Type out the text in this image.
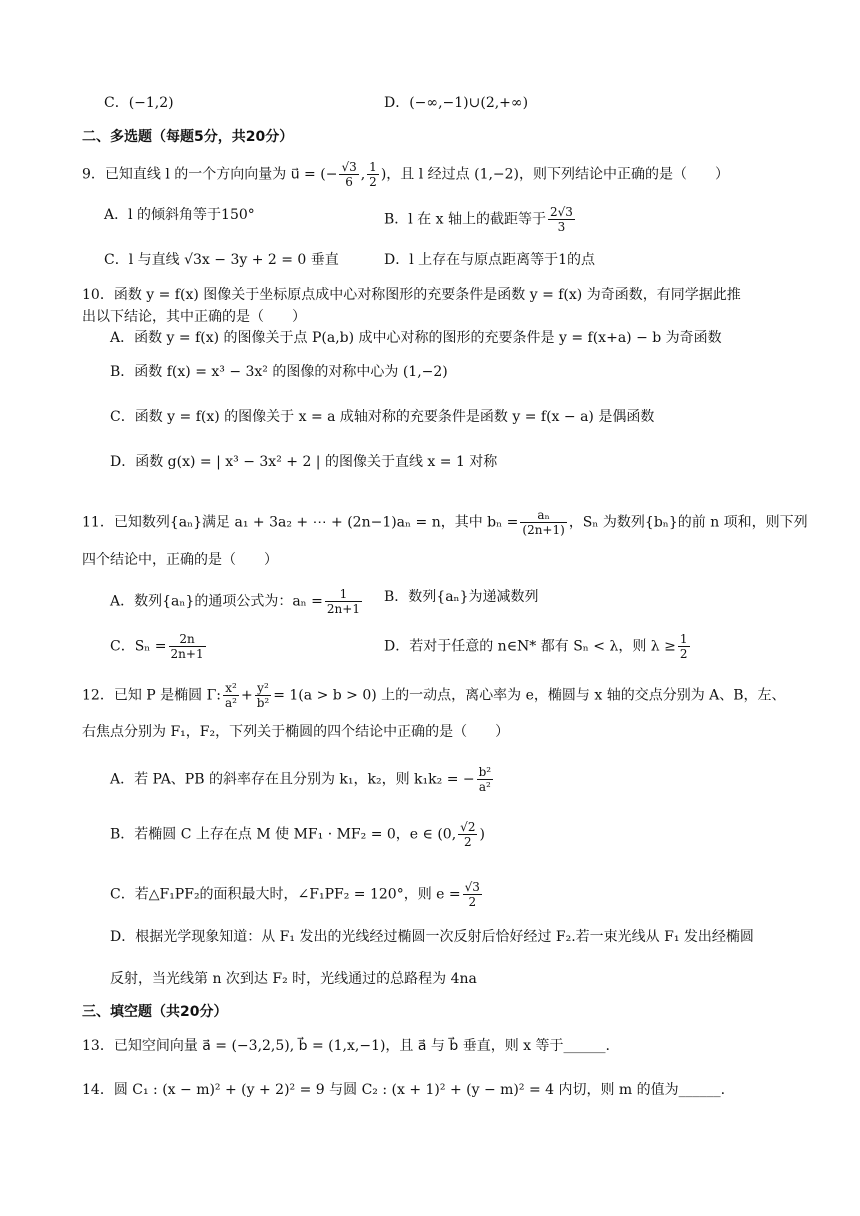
C．(−1,2)	D．(−∞,−1)∪(2,+∞)
二、多选题（每题5分，共20分）
9．已知直线 l 的一个方向向量为 u⃗ = (− $\frac{√3}{6}$ , $\frac{1}{2}$ )，且 l 经过点 (1,−2)，则下列结论中正确的是（　　）
A．l 的倾斜角等于150°	B．l 在 x 轴上的截距等于 $\frac{2√3}{3}$
C．l 与直线 √3x − 3y + 2 = 0 垂直	D．l 上存在与原点距离等于1的点
10．函数 y = f(x) 图像关于坐标原点成中心对称图形的充要条件是函数 y = f(x) 为奇函数，有同学据此推
出以下结论，其中正确的是（　　）
A．函数 y = f(x) 的图像关于点 P(a,b) 成中心对称的图形的充要条件是 y = f(x+a) − b 为奇函数
B．函数 f(x) = x³ − 3x² 的图像的对称中心为 (1,−2)
C．函数 y = f(x) 的图像关于 x = a 成轴对称的充要条件是函数 y = f(x − a) 是偶函数
D．函数 g(x) = | x³ − 3x² + 2 | 的图像关于直线 x = 1 对称
11．已知数列{aₙ}满足 a₁ + 3a₂ + ⋯ + (2n−1)aₙ = n，其中 $b_n = \frac{\text{aₙ}}{(2n+1)}$ ，Sₙ 为数列{bₙ}的前 n 项和，则下列
四个结论中，正确的是（　　）
A．数列{aₙ}的通项公式为：$a_n = \frac{1}{2n+1}$ B．数列{aₙ}为递减数列
C．$S_n = \frac{2n}{2n+1}$	D．若对于任意的 n∈N* 都有 Sₙ < λ，则 $\lambda \ge \frac{1}{2}$
12．已知 P 是椭圆 Γ: $\frac{\text{x²}}{\text{a²}} + \frac{\text{y²}}{\text{b²}} = 1(a > b > 0)$ 上的一动点，离心率为 e，椭圆与 x 轴的交点分别为 A、B，左、
右焦点分别为 F₁，F₂，下列关于椭圆的四个结论中正确的是（　　）
A．若 PA、PB 的斜率存在且分别为 k₁，k₂，则 k₁k₂ = − $\frac{\text{b²}}{\text{a²}}$
B．若椭圆 C 上存在点 M 使 MF₁ · MF₂ = 0，e ∈ (0, $\frac{√2}{2}$ )
C．若△F₁PF₂的面积最大时，∠F₁PF₂ = 120°，则 $e = \frac{√3}{2}$
D．根据光学现象知道：从 F₁ 发出的光线经过椭圆一次反射后恰好经过 F₂.若一束光线从 F₁ 发出经椭圆
反射，当光线第 n 次到达 F₂ 时，光线通过的总路程为 4na
三、填空题（共20分）
13．已知空间向量 a⃗ = (−3,2,5), b⃗ = (1,x,−1)，且 a⃗ 与 b⃗ 垂直，则 x 等于______.
14．圆 C₁ : (x − m)² + (y + 2)² = 9 与圆 C₂ : (x + 1)² + (y − m)² = 4 内切，则 m 的值为______.
